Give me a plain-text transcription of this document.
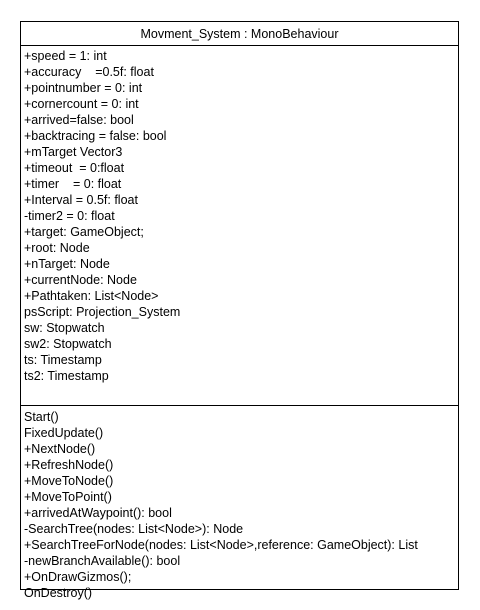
Movment_System : MonoBehaviour
+speed = 1: int
+accuracy    =0.5f: float
+pointnumber = 0: int
+cornercount = 0: int
+arrived=false: bool
+backtracing = false: bool
+mTarget Vector3
+timeout  = 0:float
+timer    = 0: float
+Interval = 0.5f: float
-timer2 = 0: float
+target: GameObject;
+root: Node
+nTarget: Node
+currentNode: Node
+Pathtaken: List<Node>
psScript: Projection_System
sw: Stopwatch
sw2: Stopwatch
ts: Timestamp
ts2: Timestamp
Start()
FixedUpdate()
+NextNode()
+RefreshNode()
+MoveToNode()
+MoveToPoint()
+arrivedAtWaypoint(): bool
-SearchTree(nodes: List<Node>): Node
+SearchTreeForNode(nodes: List<Node>,reference: GameObject): List
-newBranchAvailable(): bool
+OnDrawGizmos();
OnDestroy()
